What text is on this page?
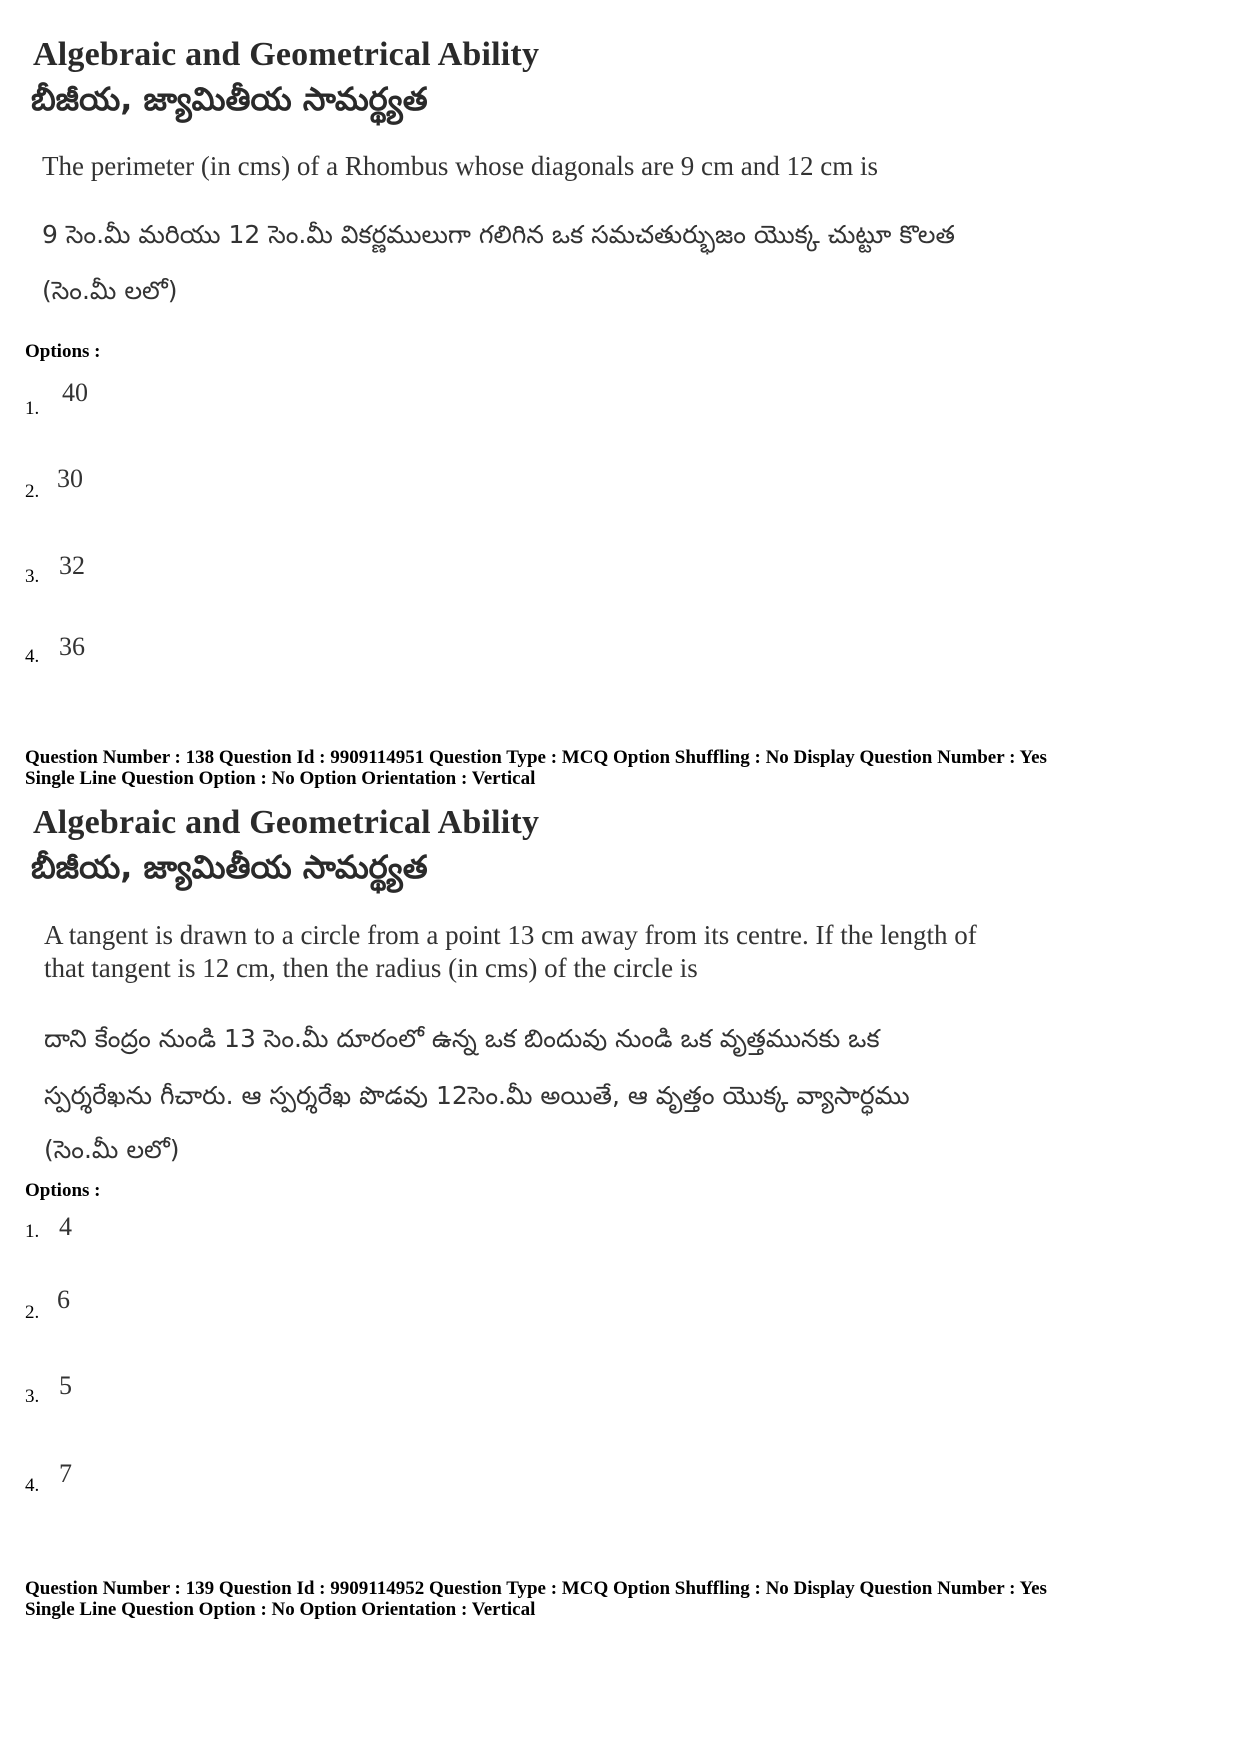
Algebraic and Geometrical Ability
బీజీయ, జ్యామితీయ సామర్థ్యత
The perimeter (in cms) of a Rhombus whose diagonals are 9 cm and 12 cm is
9 సెం.మీ మరియు 12 సెం.మీ వికర్ణములుగా గలిగిన ఒక సమచతుర్భుజం యొక్క చుట్టూ కొలత
(సెం.మీ లలో)
Options :
1.
40
2. 30
3. 32
4. 36
Question Number : 138 Question Id : 9909114951 Question Type : MCQ Option Shuffling : No Display Question Number : Yes
Single Line Question Option : No Option Orientation : Vertical
Algebraic and Geometrical Ability
బీజీయ, జ్యామితీయ సామర్థ్యత
A tangent is drawn to a circle from a point 13 cm away from its centre. If the length of
that tangent is 12 cm, then the radius (in cms) of the circle is
దాని కేంద్రం నుండి 13 సెం.మీ దూరంలో ఉన్న ఒక బిందువు నుండి ఒక వృత్తమునకు ఒక
స్పర్శరేఖను గీచారు. ఆ స్పర్శరేఖ పొడవు 12సెం.మీ అయితే, ఆ వృత్తం యొక్క వ్యాసార్ధము
(సెం.మీ లలో)
Options :
1. 4
2. 6
3. 5
4. 7
Question Number : 139 Question Id : 9909114952 Question Type : MCQ Option Shuffling : No Display Question Number : Yes
Single Line Question Option : No Option Orientation : Vertical
